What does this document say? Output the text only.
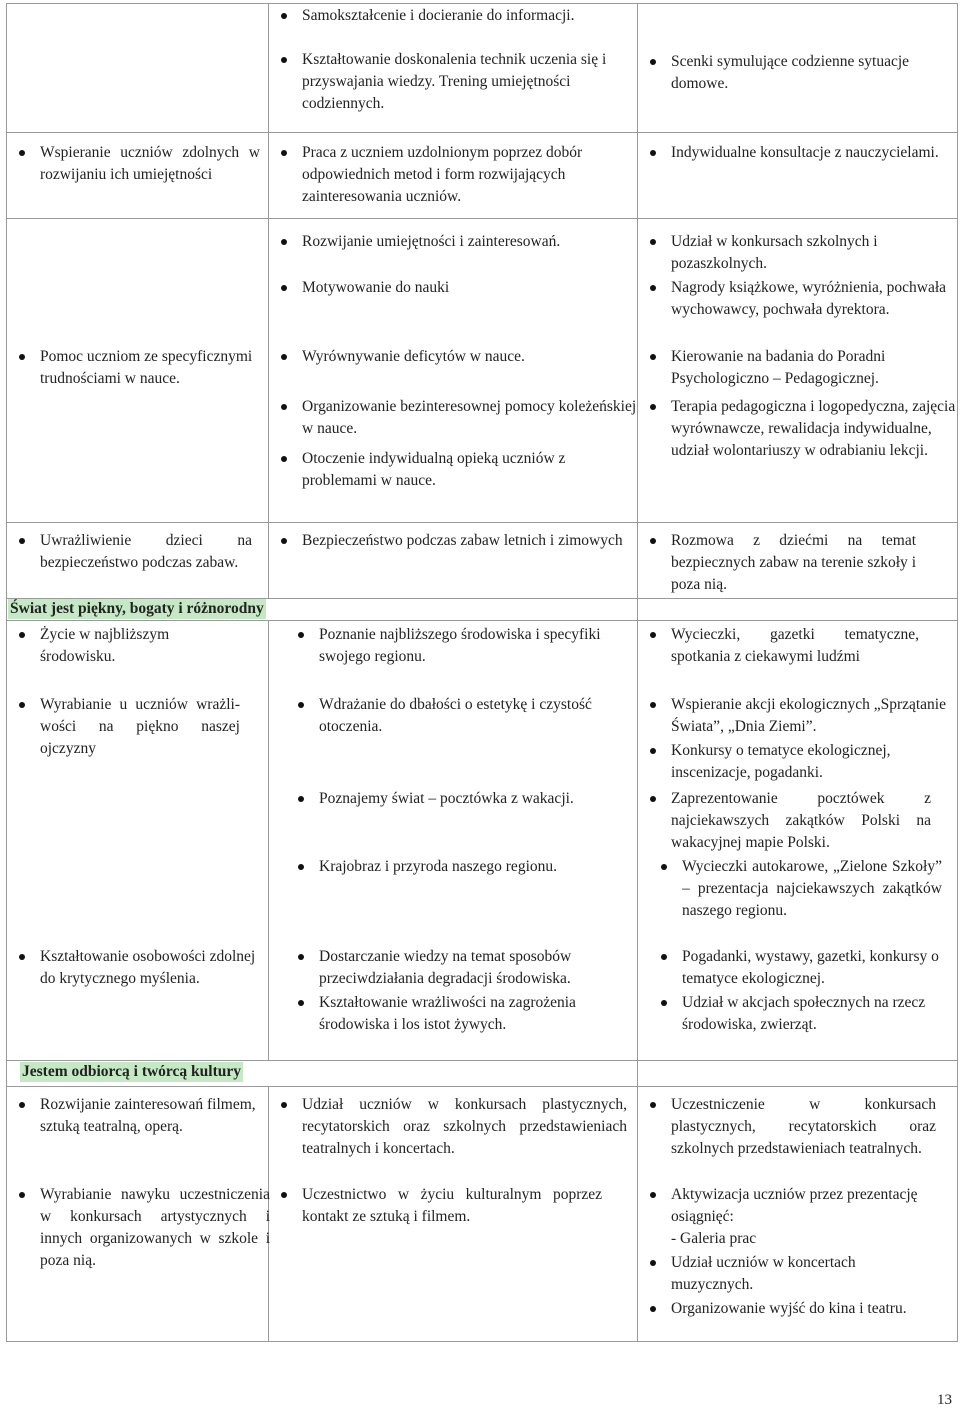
Samokształcenie i docieranie do informacji.
Kształtowanie doskonalenia technik uczenia się i przyswajania wiedzy. Trening umiejętności codziennych.
Scenki symulujące codzienne sytuacje domowe.
Wspieranie uczniów zdolnych w rozwijaniu ich umiejętności
Praca z uczniem uzdolnionym poprzez dobór odpowiednich metod i form rozwijających zainteresowania uczniów.
Indywidualne konsultacje z nauczycielami.
Rozwijanie umiejętności i zainteresowań.
Motywowanie do nauki
Udział w konkursach szkolnych i pozaszkolnych.
Nagrody książkowe, wyróżnienia, pochwała wychowawcy, pochwała dyrektora.
Pomoc uczniom ze specyficznymi trudnościami w nauce.
Wyrównywanie deficytów w nauce.
Organizowanie bezinteresownej pomocy koleżeńskiej w nauce.
Otoczenie indywidualną opieką uczniów z problemami w nauce.
Kierowanie na badania do Poradni Psychologiczno – Pedagogicznej.
Terapia pedagogiczna i logopedyczna, zajęcia wyrównawcze, rewalidacja indywidualne, udział wolontariuszy w odrabianiu lekcji.
Uwrażliwienie dzieci na bezpieczeństwo podczas zabaw.
Bezpieczeństwo podczas zabaw letnich i zimowych	Rozmowa z dziećmi na temat bezpiecznych zabaw na terenie szkoły i poza nią.
Świat jest piękny, bogaty i różnorodny
Życie w najbliższym środowisku.
Poznanie najbliższego środowiska i specyfiki swojego regionu.
Wycieczki, gazetki tematyczne, spotkania z ciekawymi ludźmi
Wyrabianie u uczniów wrażli-wości na piękno naszej ojczyzny
Wdrażanie do dbałości o estetykę i czystość otoczenia.
Poznajemy świat – pocztówka z wakacji.
Krajobraz i przyroda naszego regionu.
Wspieranie akcji ekologicznych „Sprzątanie Świata”, „Dnia Ziemi”.
Konkursy o tematyce ekologicznej, inscenizacje, pogadanki.
Zaprezentowanie pocztówek z najciekawszych zakątków Polski na wakacyjnej mapie Polski.
Wycieczki autokarowe, „Zielone Szkoły” – prezentacja najciekawszych zakątków naszego regionu.
Kształtowanie osobowości zdolnej do krytycznego myślenia.
Dostarczanie wiedzy na temat sposobów przeciwdziałania degradacji środowiska.
Kształtowanie wrażliwości na zagrożenia środowiska i los istot żywych.
Pogadanki, wystawy, gazetki, konkursy o tematyce ekologicznej.
Udział w akcjach społecznych na rzecz środowiska, zwierząt.
Jestem odbiorcą i twórcą kultury
Rozwijanie zainteresowań filmem, sztuką teatralną, operą.
Wyrabianie nawyku uczestniczenia w konkursach artystycznych i innych organizowanych w szkole i poza nią.
Udział uczniów w konkursach plastycznych, recytatorskich oraz szkolnych przedstawieniach teatralnych i koncertach.
Uczestnictwo w życiu kulturalnym poprzez kontakt ze sztuką i filmem.
Uczestniczenie w konkursach plastycznych, recytatorskich oraz szkolnych przedstawieniach teatralnych.
Aktywizacja uczniów przez prezentację osiągnięć:
- Galeria prac
Udział uczniów w koncertach muzycznych.
Organizowanie wyjść do kina i teatru.
13
